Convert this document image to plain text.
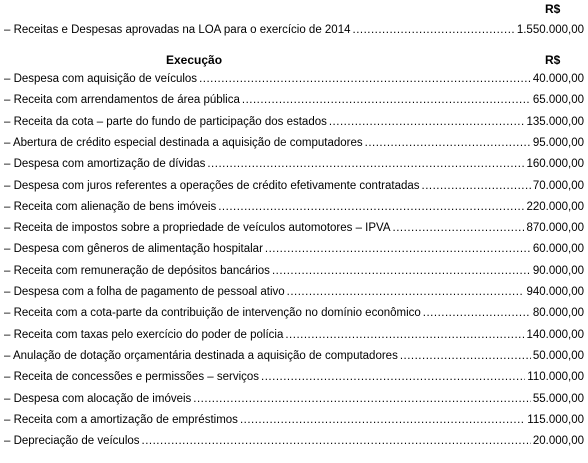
R$
– Receitas e Despesas aprovadas na LOA para o exercício de 2014 .....	1.550.000,00
Execução	R$
– Despesa com aquisição de veículos .....	40.000,00
– Receita com arrendamentos de área pública .....	65.000,00
– Receita da cota – parte do fundo de participação dos estados .....	135.000,00
– Abertura de crédito especial destinada a aquisição de computadores .....	95.000,00
– Despesa com amortização de dívidas .....	160.000,00
– Despesa com juros referentes a operações de crédito efetivamente contratadas .....	70.000,00
– Receita com alienação de bens imóveis .....	220.000,00
– Receita de impostos sobre a propriedade de veículos automotores – IPVA .....	870.000,00
– Despesa com gêneros de alimentação hospitalar .....	60.000,00
– Receita com remuneração de depósitos bancários .....	90.000,00
– Despesa com a folha de pagamento de pessoal ativo .....	940.000,00
– Receita com a cota-parte da contribuição de intervenção no domínio econômico .....	80.000,00
– Receita com taxas pelo exercício do poder de polícia .....	140.000,00
– Anulação de dotação orçamentária destinada a aquisição de computadores .....	50.000,00
– Receita de concessões e permissões – serviços .....	110.000,00
– Despesa com alocação de imóveis .....	55.000,00
– Receita com a amortização de empréstimos .....	115.000,00
– Depreciação de veículos .....	20.000,00
